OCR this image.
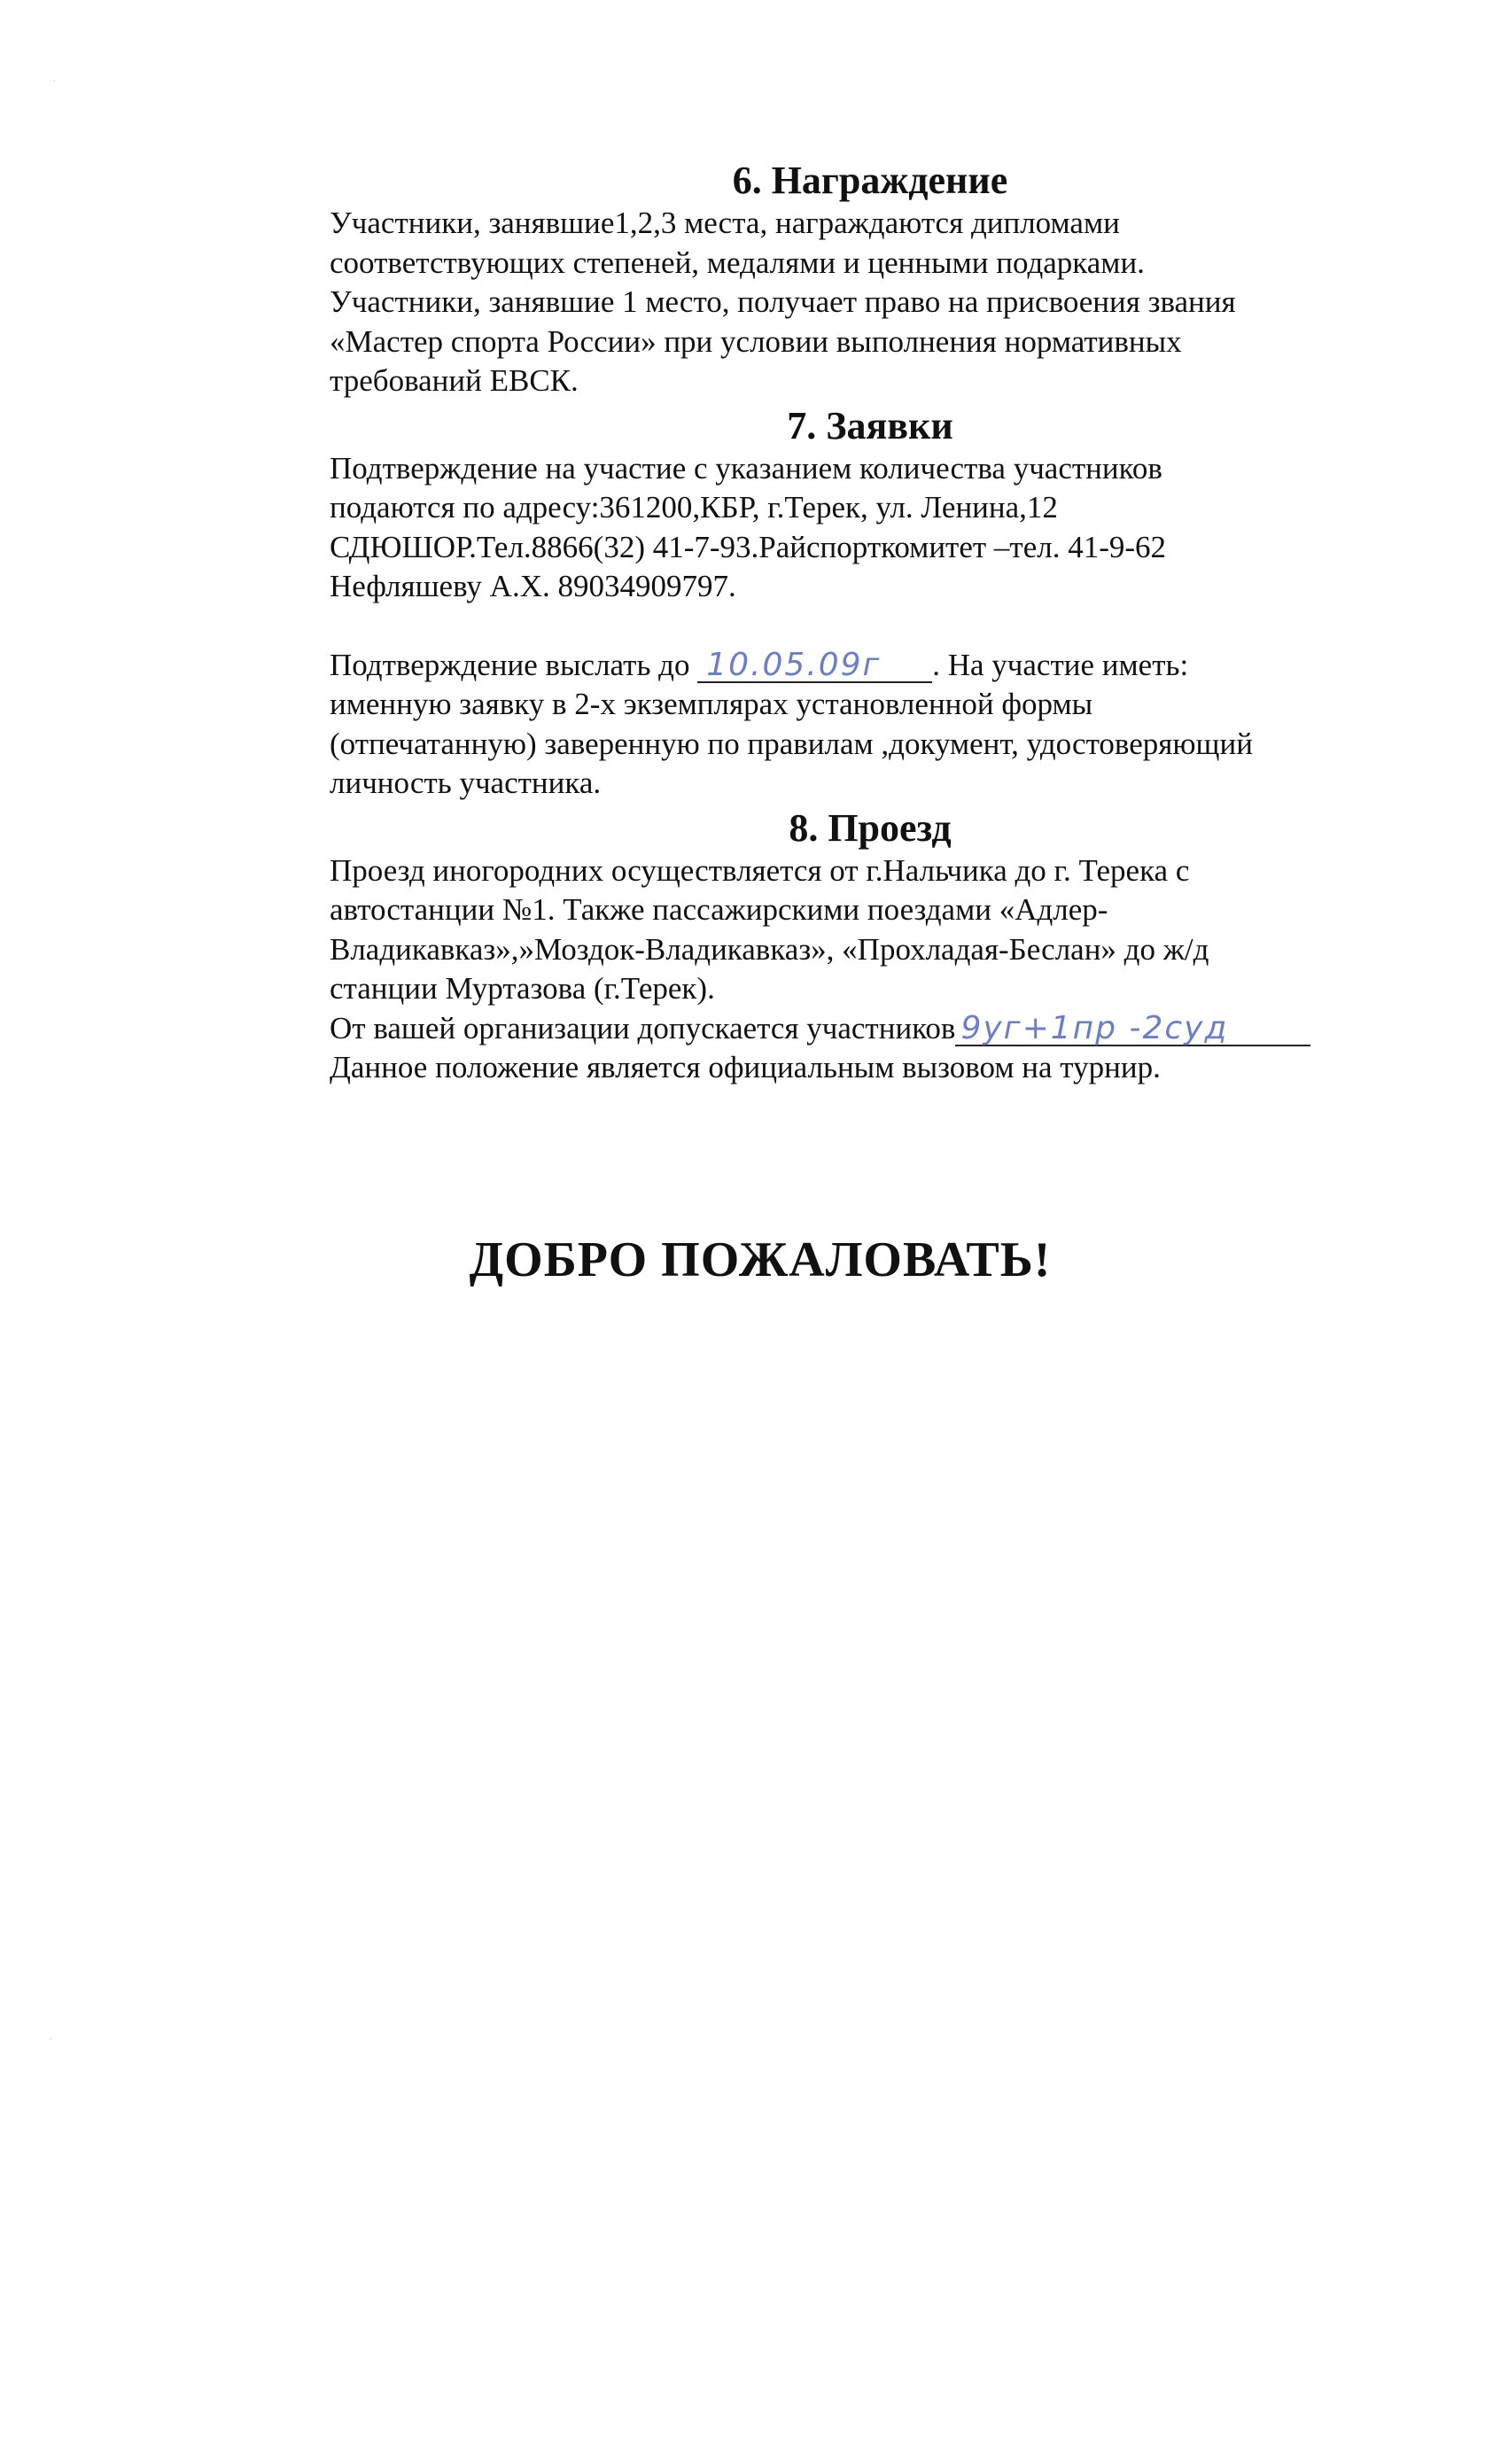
6. Награждение

Участники, занявшие1,2,3 места, награждаются дипломами

соответствующих степеней, медалями и ценными подарками.

Участники, занявшие 1 место, получает право на присвоения звания

«Мастер спорта России» при условии выполнения нормативных

требований ЕВСК.

7. Заявки

Подтверждение на участие с указанием количества участников

подаются по адресу:361200,КБР, г.Терек, ул. Ленина,12

СДЮШОР.Тел.8866(32) 41-7-93.Райспорткомитет –тел. 41-9-62

Нефляшеву А.Х. 89034909797.

Подтверждение выслать до 10.05.09г . На участие иметь:

именную заявку в 2-х экземплярах установленной формы

(отпечатанную) заверенную по правилам ,документ, удостоверяющий

личность участника.

8. Проезд

Проезд иногородних осуществляется от г.Нальчика до г. Терека с

автостанции №1. Также пассажирскими поездами «Адлер-

Владикавказ»,»Моздок-Владикавказ», «Прохладая-Беслан» до ж/д

станции Муртазова (г.Терек).

От вашей организации допускается участников 9уг+1пр -2суд

Данное положение является официальным вызовом на турнир.

ДОБРО ПОЖАЛОВАТЬ!
